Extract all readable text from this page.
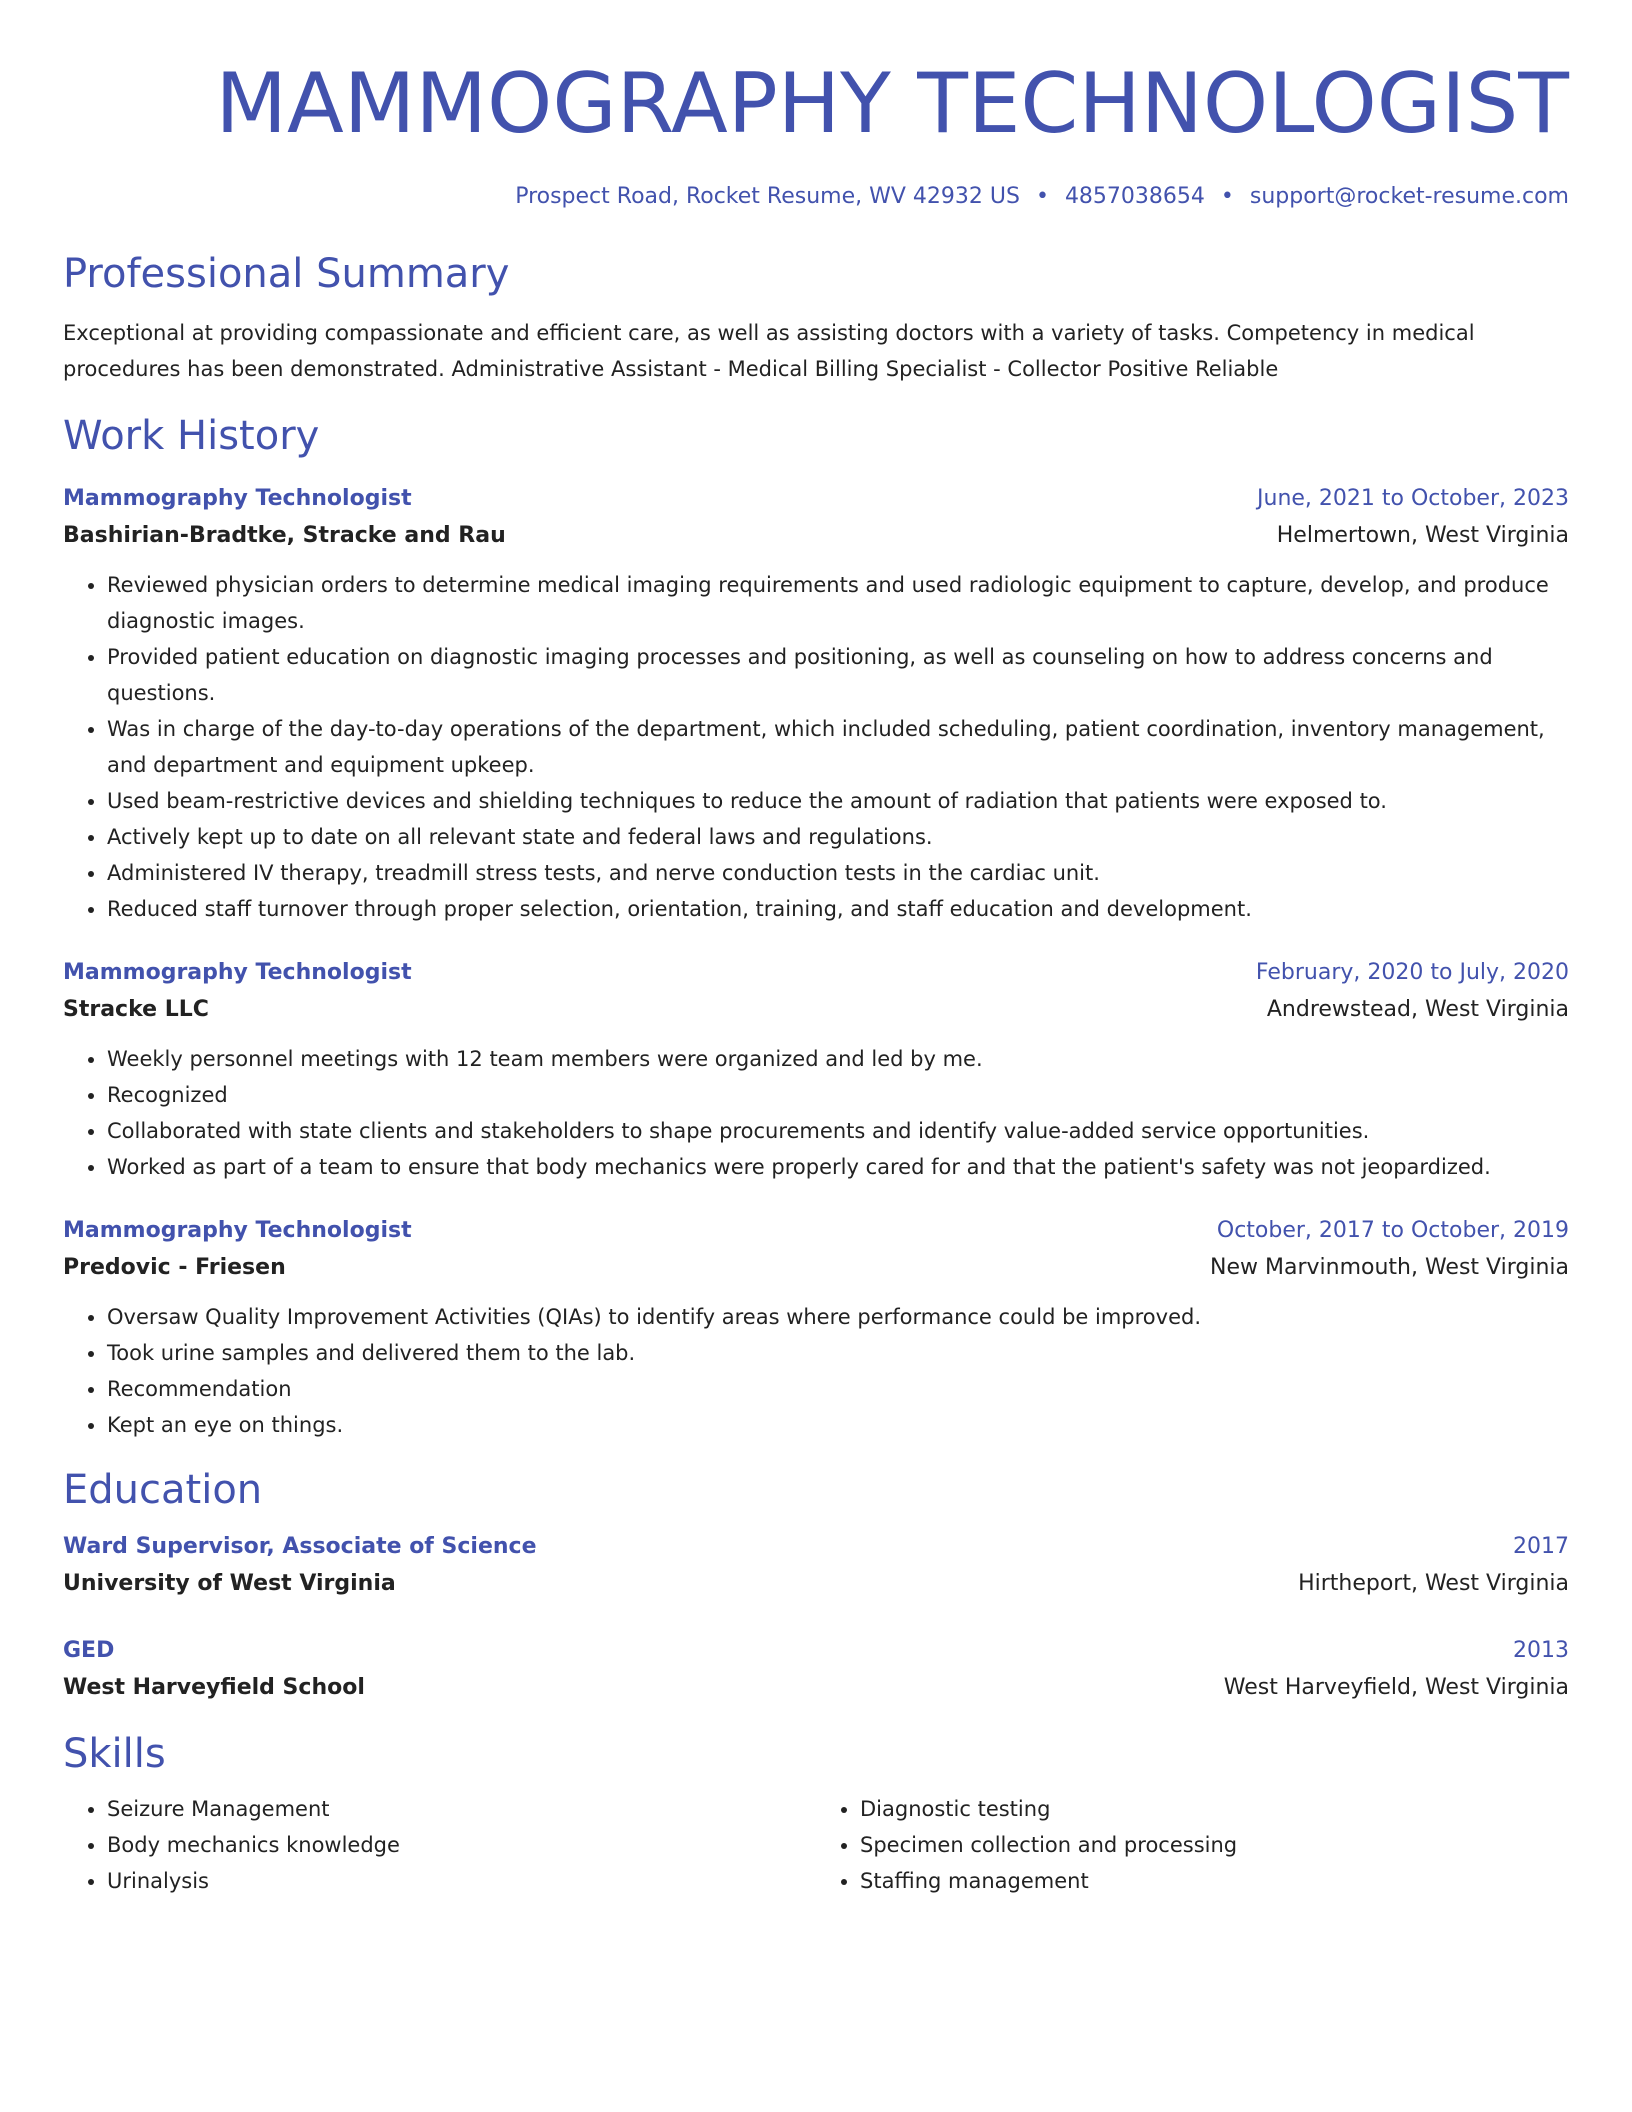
MAMMOGRAPHY TECHNOLOGIST
Prospect Road, Rocket Resume, WV 42932 US • 4857038654 • support@rocket-resume.com
Professional Summary
Exceptional at providing compassionate and efficient care, as well as assisting doctors with a variety of tasks. Competency in medical procedures has been demonstrated. Administrative Assistant - Medical Billing Specialist - Collector Positive Reliable
Work History
Mammography Technologist	June, 2021 to October, 2023
Bashirian-Bradtke, Stracke and Rau	Helmertown, West Virginia
• Reviewed physician orders to determine medical imaging requirements and used radiologic equipment to capture, develop, and produce diagnostic images.
• Provided patient education on diagnostic imaging processes and positioning, as well as counseling on how to address concerns and questions.
• Was in charge of the day-to-day operations of the department, which included scheduling, patient coordination, inventory management, and department and equipment upkeep.
• Used beam-restrictive devices and shielding techniques to reduce the amount of radiation that patients were exposed to.
• Actively kept up to date on all relevant state and federal laws and regulations.
• Administered IV therapy, treadmill stress tests, and nerve conduction tests in the cardiac unit.
• Reduced staff turnover through proper selection, orientation, training, and staff education and development.
Mammography Technologist	February, 2020 to July, 2020
Stracke LLC	Andrewstead, West Virginia
• Weekly personnel meetings with 12 team members were organized and led by me.
• Recognized
• Collaborated with state clients and stakeholders to shape procurements and identify value-added service opportunities.
• Worked as part of a team to ensure that body mechanics were properly cared for and that the patient's safety was not jeopardized.
Mammography Technologist	October, 2017 to October, 2019
Predovic - Friesen	New Marvinmouth, West Virginia
• Oversaw Quality Improvement Activities (QIAs) to identify areas where performance could be improved.
• Took urine samples and delivered them to the lab.
• Recommendation
• Kept an eye on things.
Education
Ward Supervisor, Associate of Science	2017
University of West Virginia	Hirtheport, West Virginia
GED	2013
West Harveyfield School	West Harveyfield, West Virginia
Skills
• Seizure Management
• Body mechanics knowledge
• Urinalysis
• Diagnostic testing
• Specimen collection and processing
• Staffing management
